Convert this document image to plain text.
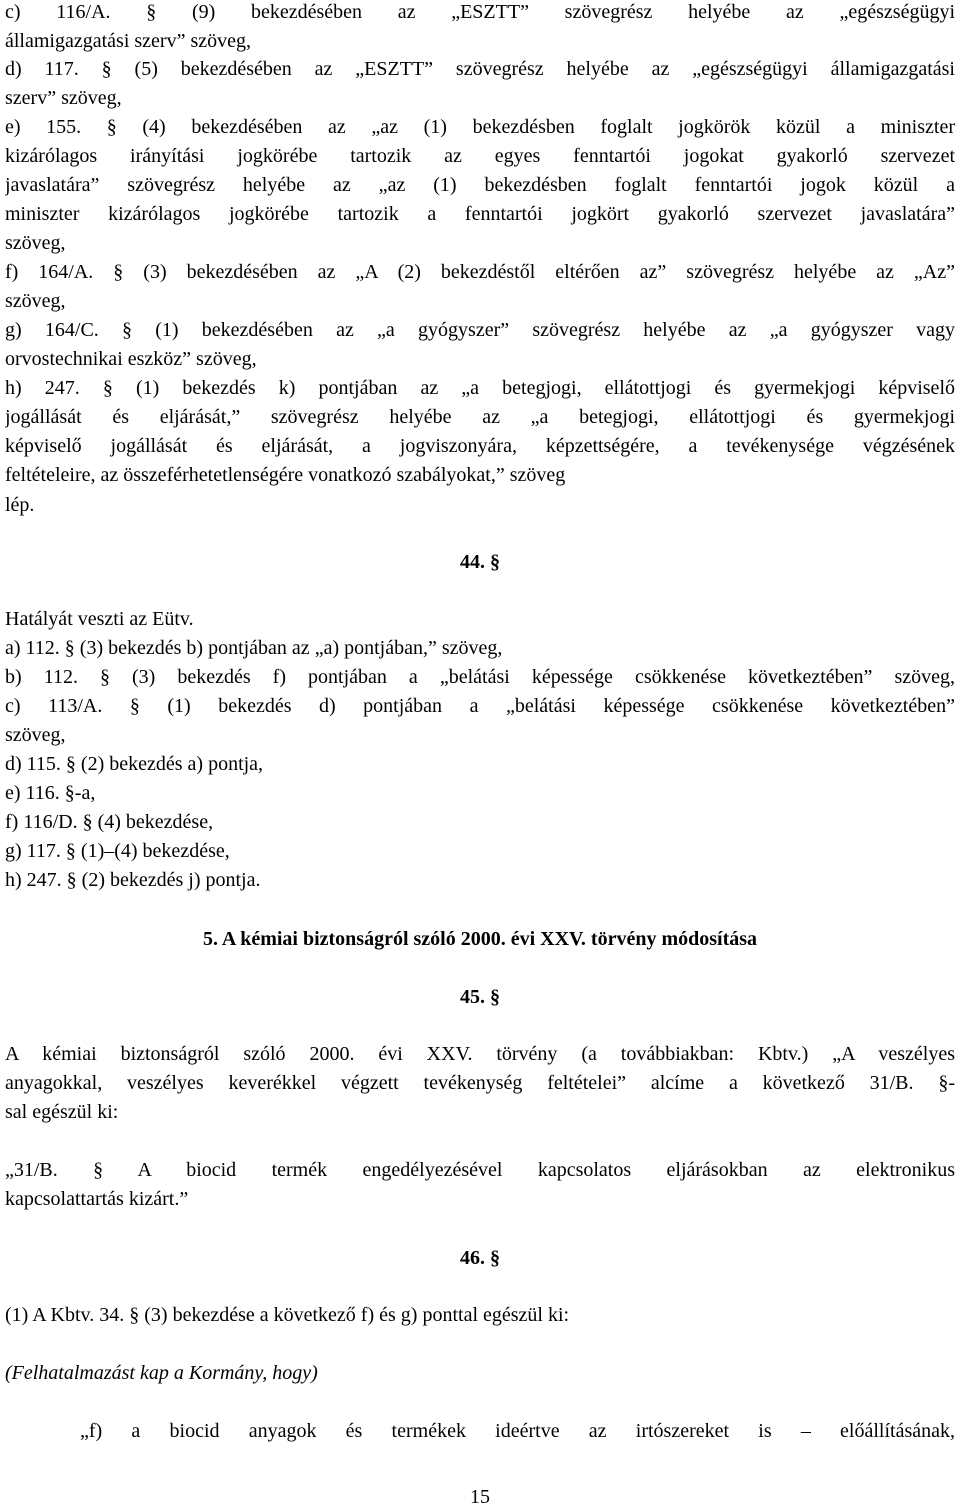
c) 116/A. § (9) bekezdésében az „ESZTT” szövegrész helyébe az „egészségügyi
államigazgatási szerv” szöveg,
d) 117. § (5) bekezdésében az „ESZTT” szövegrész helyébe az „egészségügyi államigazgatási
szerv” szöveg,
e) 155. § (4) bekezdésében az „az (1) bekezdésben foglalt jogkörök közül a miniszter
kizárólagos irányítási jogkörébe tartozik az egyes fenntartói jogokat gyakorló szervezet
javaslatára” szövegrész helyébe az „az (1) bekezdésben foglalt fenntartói jogok közül a
miniszter kizárólagos jogkörébe tartozik a fenntartói jogkört gyakorló szervezet javaslatára”
szöveg,
f) 164/A. § (3) bekezdésében az „A (2) bekezdéstől eltérően az” szövegrész helyébe az „Az”
szöveg,
g) 164/C. § (1) bekezdésében az „a gyógyszer” szövegrész helyébe az „a gyógyszer vagy
orvostechnikai eszköz” szöveg,
h) 247. § (1) bekezdés k) pontjában az „a betegjogi, ellátottjogi és gyermekjogi képviselő
jogállását és eljárását,” szövegrész helyébe az „a betegjogi, ellátottjogi és gyermekjogi
képviselő jogállását és eljárását, a jogviszonyára, képzettségére, a tevékenysége végzésének
feltételeire, az összeférhetetlenségére vonatkozó szabályokat,” szöveg
lép.
44. §
Hatályát veszti az Eütv.
a) 112. § (3) bekezdés b) pontjában az „a) pontjában,” szöveg,
b) 112. § (3) bekezdés f) pontjában a „belátási képessége csökkenése következtében” szöveg,
c) 113/A. § (1) bekezdés d) pontjában a „belátási képessége csökkenése következtében”
szöveg,
d) 115. § (2) bekezdés a) pontja,
e) 116. §-a,
f) 116/D. § (4) bekezdése,
g) 117. § (1)–(4) bekezdése,
h) 247. § (2) bekezdés j) pontja.
5. A kémiai biztonságról szóló 2000. évi XXV. törvény módosítása
45. §
A kémiai biztonságról szóló 2000. évi XXV. törvény (a továbbiakban: Kbtv.) „A veszélyes
anyagokkal, veszélyes keverékkel végzett tevékenység feltételei” alcíme a következő 31/B. §-
sal egészül ki:
„31/B. § A biocid termék engedélyezésével kapcsolatos eljárásokban az elektronikus
kapcsolattartás kizárt.”
46. §
(1) A Kbtv. 34. § (3) bekezdése a következő f) és g) ponttal egészül ki:
(Felhatalmazást kap a Kormány, hogy)
„f) a biocid anyagok és termékek ideértve az irtószereket is – előállításának,
15
